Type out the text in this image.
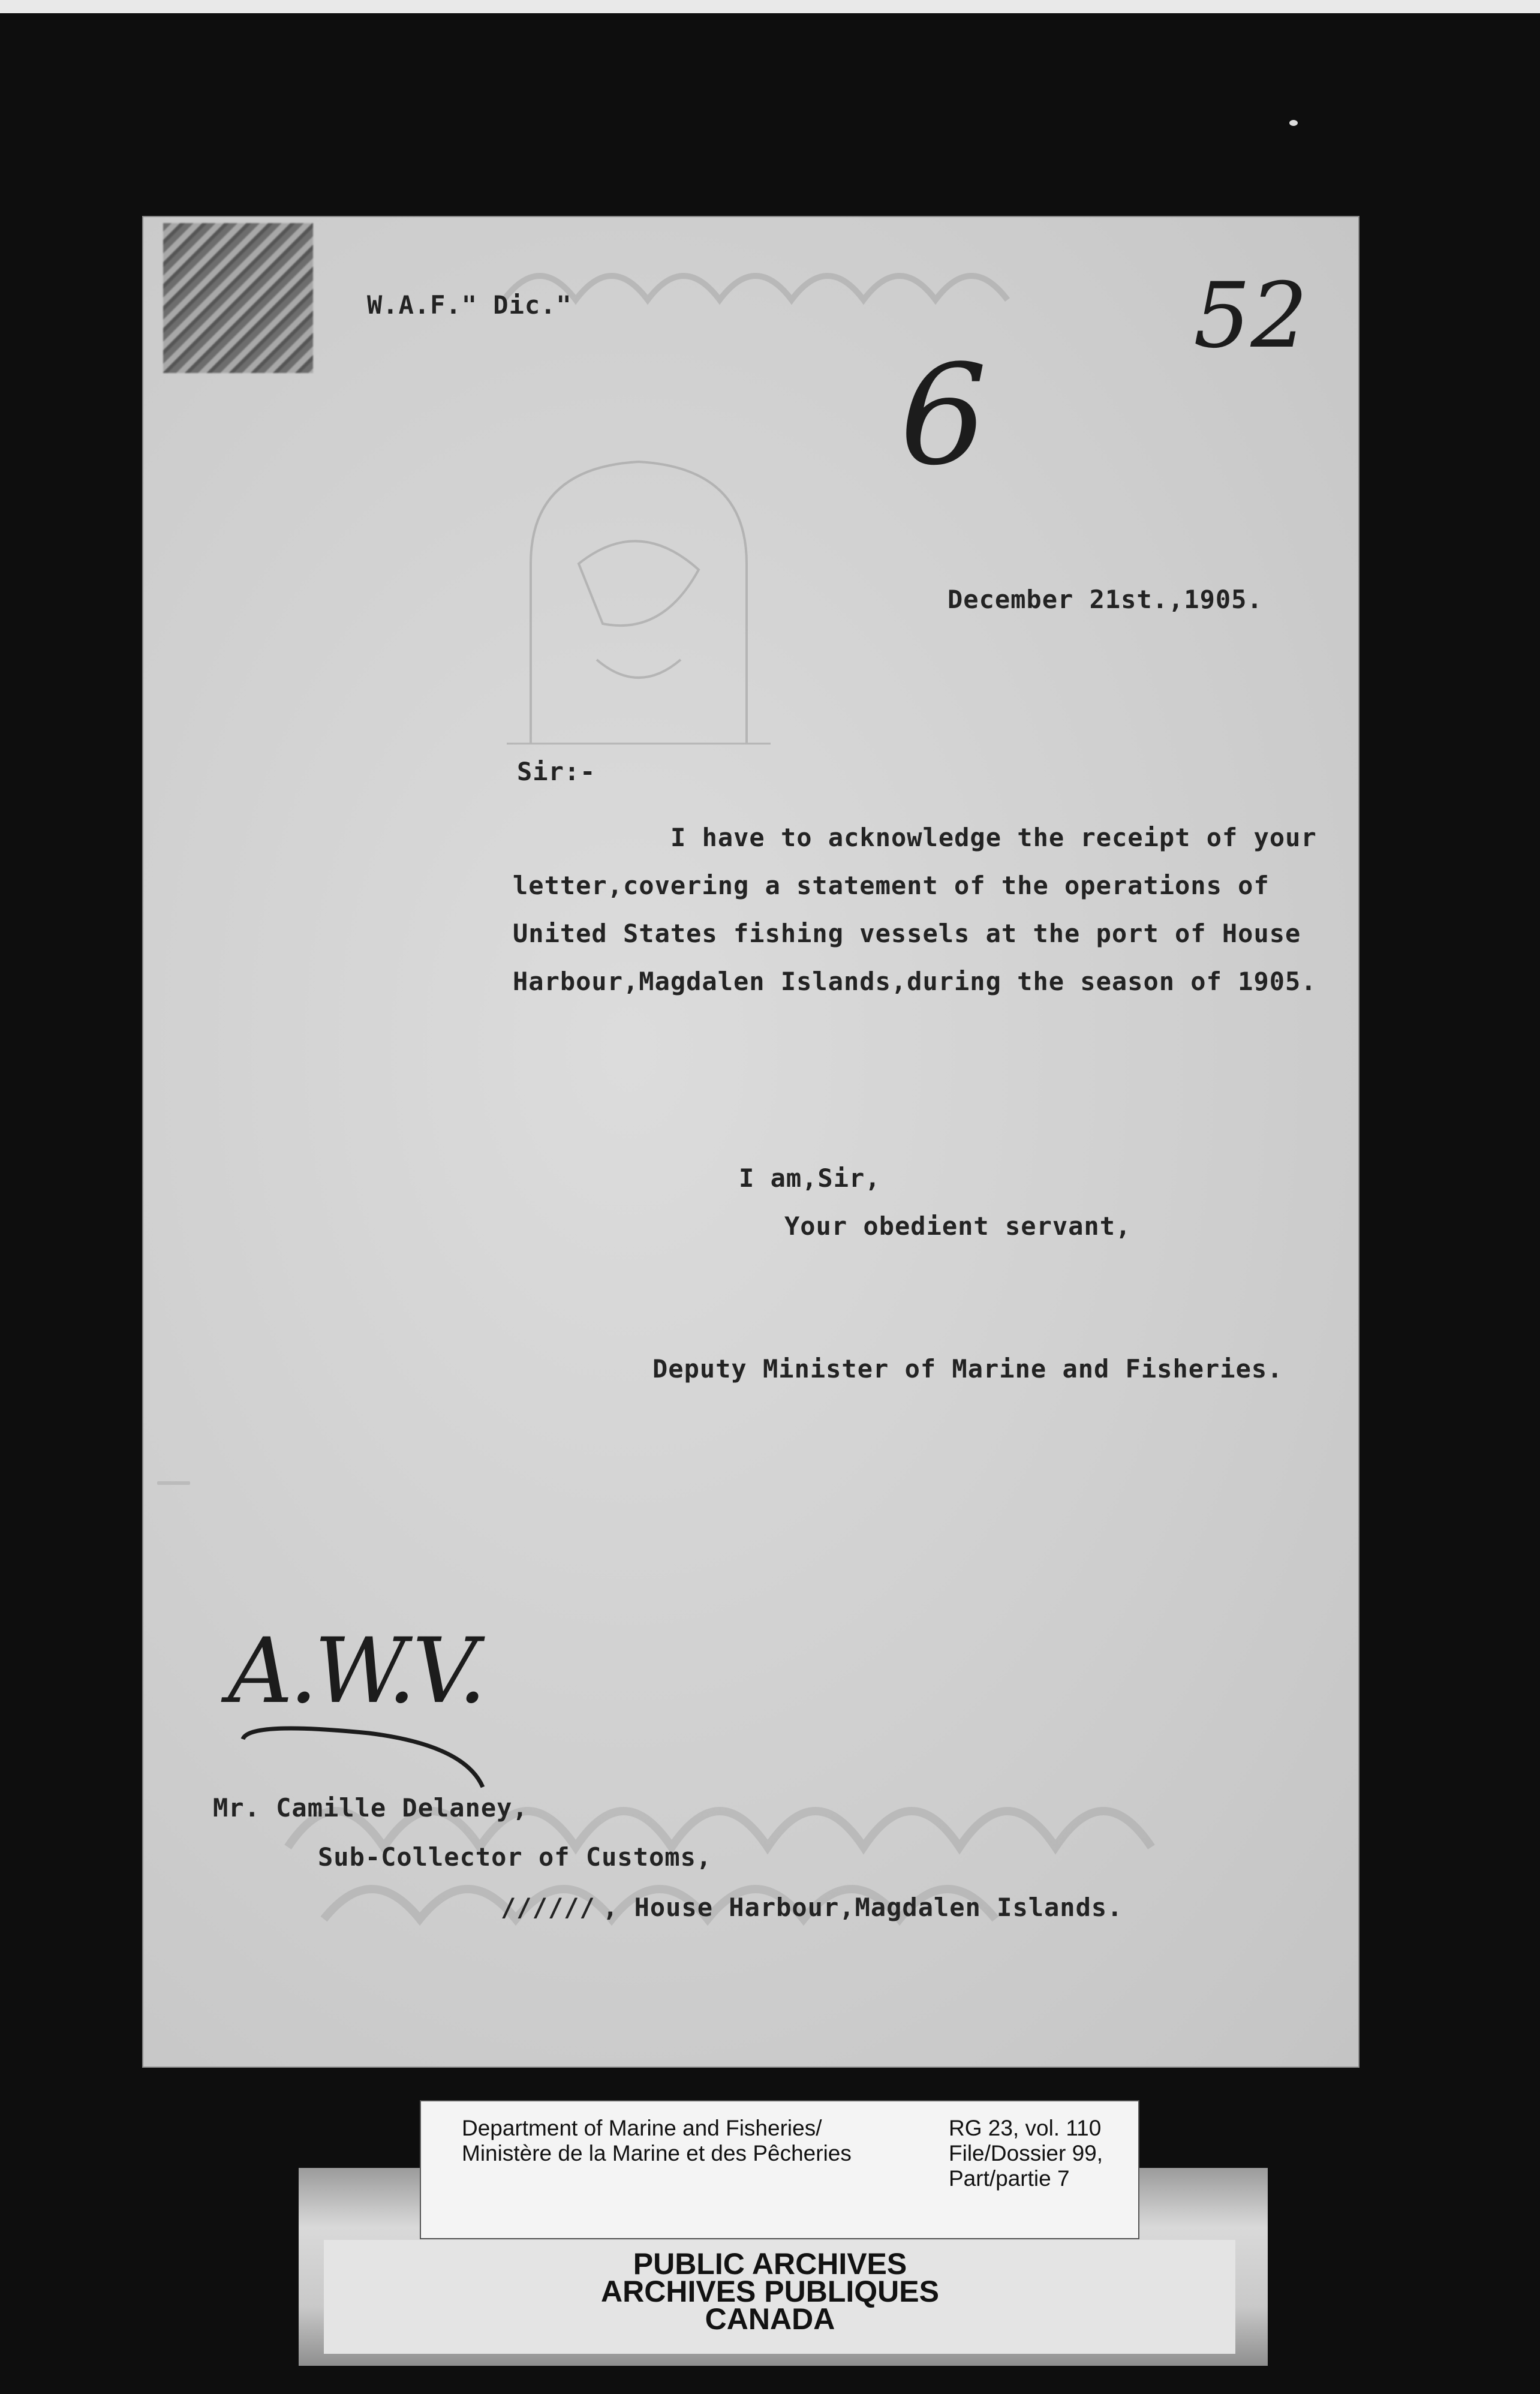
W.A.F." Dic."	52
6
December 21st.,1905.
Sir:-
I have to acknowledge the receipt of your
letter,covering a statement of the operations of
United States fishing vessels at the port of House
Harbour,Magdalen Islands,during the season of 1905.
I am,Sir,
Your obedient servant,
Deputy Minister of Marine and Fisheries.
A.W.V.
Mr. Camille Delaney,
Sub-Collector of Customs,
////// , House Harbour,Magdalen Islands.
Department of Marine and Fisheries/
Ministère de la Marine et des Pêcheries
RG 23, vol. 110
File/Dossier 99,
Part/partie 7
PUBLIC ARCHIVES
ARCHIVES PUBLIQUES
CANADA
